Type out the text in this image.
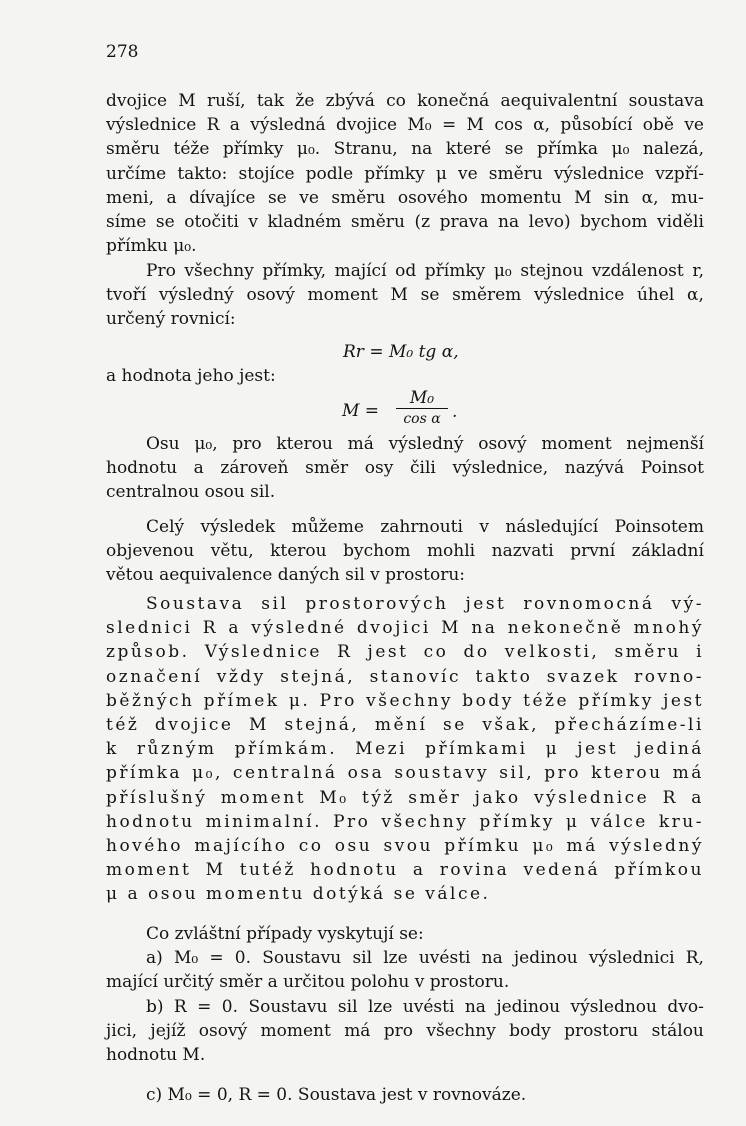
278
dvojice M ruší, tak že zbývá co konečná aequivalentní soustava
výslednice R a výsledná dvojice M₀ = M cos α, působící obě ve
směru téže přímky μ₀. Stranu, na které se přímka μ₀ nalezá,
určíme takto: stojíce podle přímky μ ve směru výslednice vzpří-
meni, a dívajíce se ve směru osového momentu M sin α, mu-
síme se otočiti v kladném směru (z prava na levo) bychom viděli
přímku μ₀.
Pro všechny přímky, mající od přímky μ₀ stejnou vzdálenost r,
tvoří výsledný osový moment M se směrem výslednice úhel α,
určený rovnicí:
Rr = M₀ tg α,
a hodnota jeho jest:
M =
M₀
cos α .
Osu μ₀, pro kterou má výsledný osový moment nejmenší
hodnotu a zároveň směr osy čili výslednice, nazývá Poinsot
centralnou osou sil.
Celý výsledek můžeme zahrnouti v následující Poinsotem
objevenou větu, kterou bychom mohli nazvati první základní
větou aequivalence daných sil v prostoru:
Soustava sil prostorových jest rovnomocná vý-
slednici R a výsledné dvojici M na nekonečně mnohý
způsob. Výslednice R jest co do velkosti, směru i
označení vždy stejná, stanovíc takto svazek rovno-
běžných přímek μ. Pro všechny body téže přímky jest
též dvojice M stejná, mění se však, přecházíme-li
k různým přímkám. Mezi přímkami μ jest jediná
přímka μ₀, centralná osa soustavy sil, pro kterou má
příslušný moment M₀ týž směr jako výslednice R a
hodnotu minimalní. Pro všechny přímky μ válce kru-
hového majícího co osu svou přímku μ₀ má výsledný
moment M tutéž hodnotu a rovina vedená přímkou
μ a osou momentu dotýká se válce.
Co zvláštní případy vyskytují se:
a) M₀ = 0. Soustavu sil lze uvésti na jedinou výslednici R,
mající určitý směr a určitou polohu v prostoru.
b) R = 0. Soustavu sil lze uvésti na jedinou výslednou dvo-
jici, jejíž osový moment má pro všechny body prostoru stálou
hodnotu M.
c) M₀ = 0, R = 0. Soustava jest v rovnováze.
